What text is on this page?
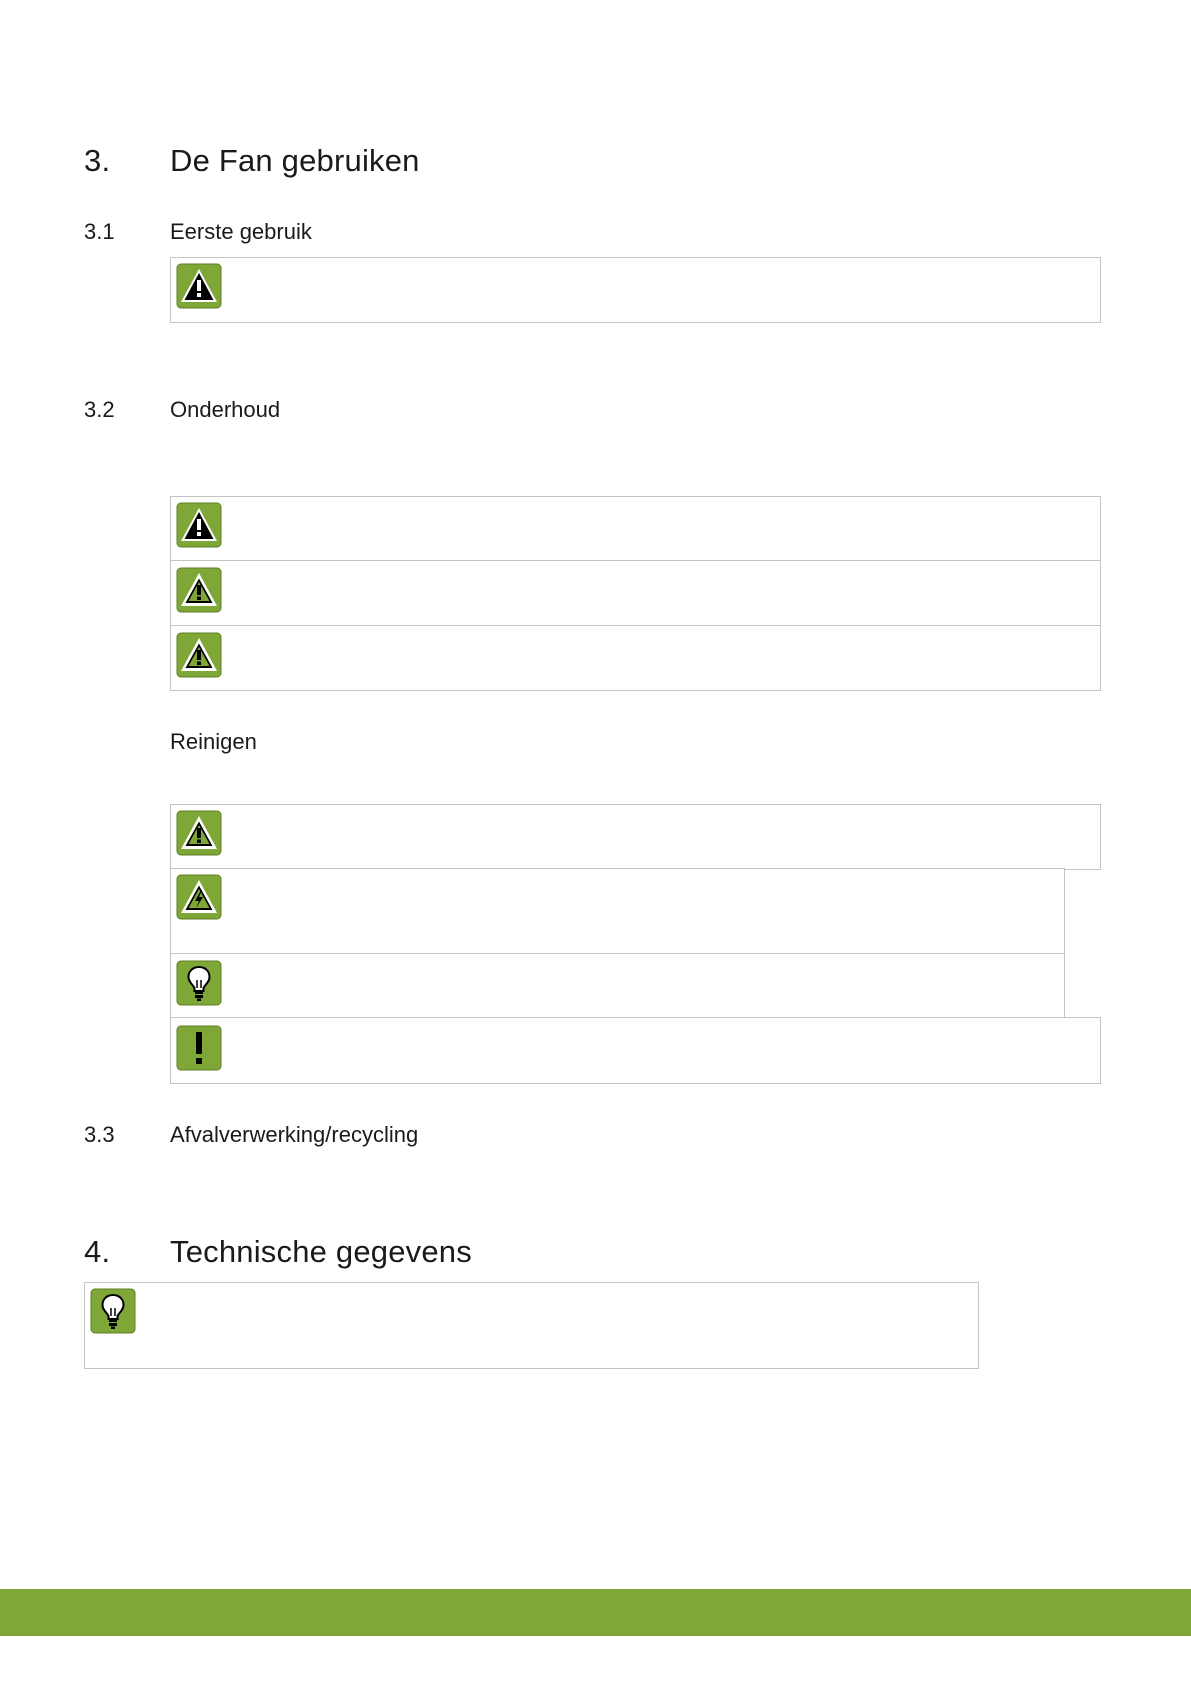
3. De Fan gebruiken
3.1	Eerste gebruik
3.2	Onderhoud
Reinigen
3.3	Afvalverwerking/recycling
4. Technische gegevens
